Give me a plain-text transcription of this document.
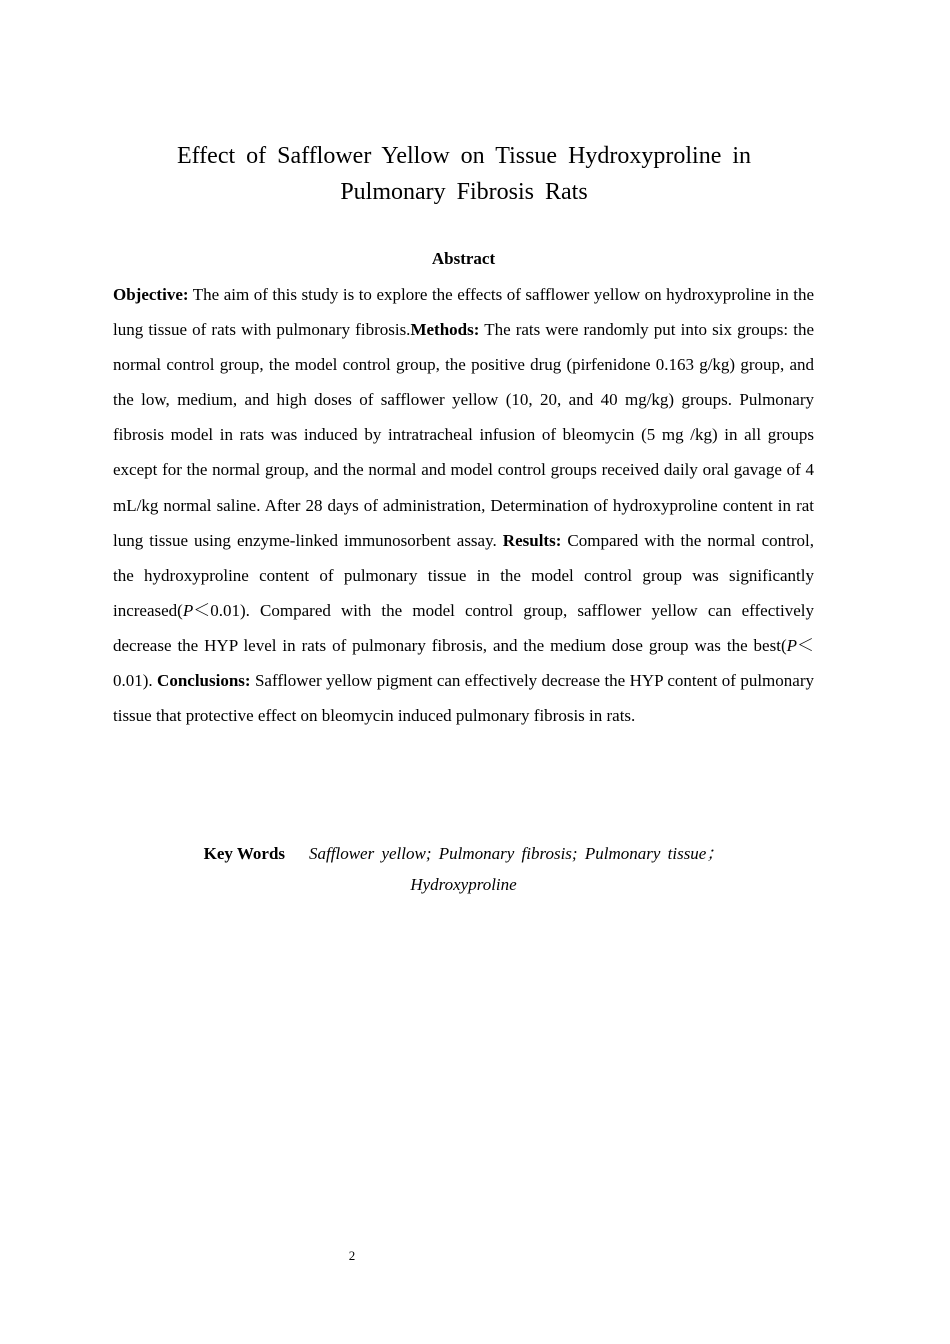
Effect of Safflower Yellow on Tissue Hydroxyproline in
Pulmonary Fibrosis Rats
Abstract
Objective: The aim of this study is to explore the effects of safflower yellow on hydroxyproline in the lung tissue of rats with pulmonary fibrosis.Methods: The rats were randomly put into six groups: the normal control group, the model control group, the positive drug (pirfenidone 0.163 g/kg) group, and the low, medium, and high doses of safflower yellow (10, 20, and 40 mg/kg) groups. Pulmonary fibrosis model in rats was induced by intratracheal infusion of bleomycin (5 mg /kg) in all groups except for the normal group, and the normal and model control groups received daily oral gavage of 4 mL/kg normal saline. After 28 days of administration, Determination of hydroxyproline content in rat lung tissue using enzyme-linked immunosorbent assay. Results: Compared with the normal control, the hydroxyproline content of pulmonary tissue in the model control group was significantly increased(P＜0.01). Compared with the model control group, safflower yellow can effectively decrease the HYP level in rats of pulmonary fibrosis, and the medium dose group was the best(P＜0.01). Conclusions: Safflower yellow pigment can effectively decrease the HYP content of pulmonary tissue that protective effect on bleomycin induced pulmonary fibrosis in rats.
Key Words Safflower yellow; Pulmonary fibrosis; Pulmonary tissue；Hydroxyproline
2
